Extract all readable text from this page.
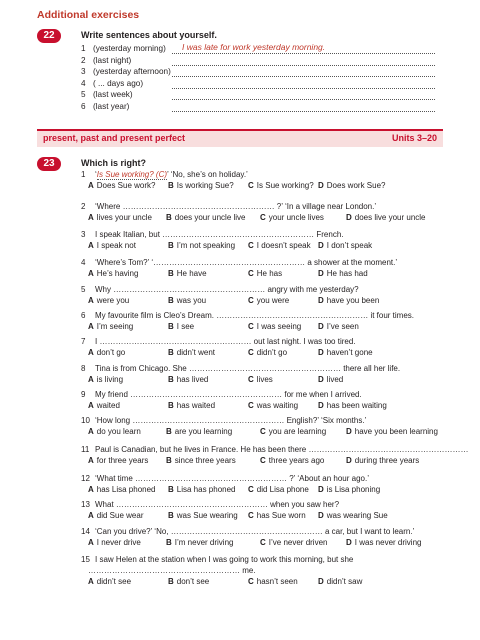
Additional exercises
22	Write sentences about yourself.
1 (yesterday morning) I was late for work yesterday morning.
2 (last night)
3 (yesterday afternoon)
4 ( ... days ago)
5 (last week)
6 (last year)
present, past and present perfect	Units 3–20
23	Which is right?
1 ‘Is Sue working? (C)’ ‘No, she’s on holiday.’
A Does Sue work? B Is working Sue? C Is Sue working? D Does work Sue?
2 ‘Where ………………………………………………… ?’ ‘In a village near London.’
A lives your uncle B does your uncle live C your uncle lives	D does live your uncle
3 I speak Italian, but ………………………………………………… French.
A I speak not	B I’m not speaking C I doesn’t speak D I don’t speak
4 ‘Where’s Tom?’ ‘………………………………………………… a shower at the moment.’
A He’s having	B He have	C He has	D He has had
5 Why ………………………………………………… angry with me yesterday?
A were you	B was you	C you were	D have you been
6 My favourite film is Cleo’s Dream. ………………………………………………… it four times.
A I’m seeing	B I see	C I was seeing D I’ve seen
7 I ………………………………………………… out last night. I was too tired.
A don’t go	B didn’t went	C didn’t go	D haven’t gone
8 Tina is from Chicago. She ………………………………………………… there all her life.
A is living	B has lived	C lives	D lived
9 My friend ………………………………………………… for me when I arrived.
A waited	B has waited	C was waiting D has been waiting
10 ‘How long ………………………………………………… English?’ ‘Six months.’
A do you learn	B are you learning	C you are learning D have you been learning
11 Paul is Canadian, but he lives in France. He has been there ……………………………………………………
A for three years B since three years	C three years ago	D during three years
12 ‘What time ………………………………………………… ?’ ‘About an hour ago.’
A has Lisa phoned B Lisa has phoned C did Lisa phone D is Lisa phoning
13 What ………………………………………………… when you saw her?
A did Sue wear	B was Sue wearing C has Sue worn D was wearing Sue
14 ‘Can you drive?’ ‘No, ………………………………………………… a car, but I want to learn.’
A I never drive	B I’m never driving	C I’ve never driven D I was never driving
15 I saw Helen at the station when I was going to work this morning, but she
………………………………………………… me.
A didn’t see	B don’t see	C hasn’t seen	D didn’t saw
